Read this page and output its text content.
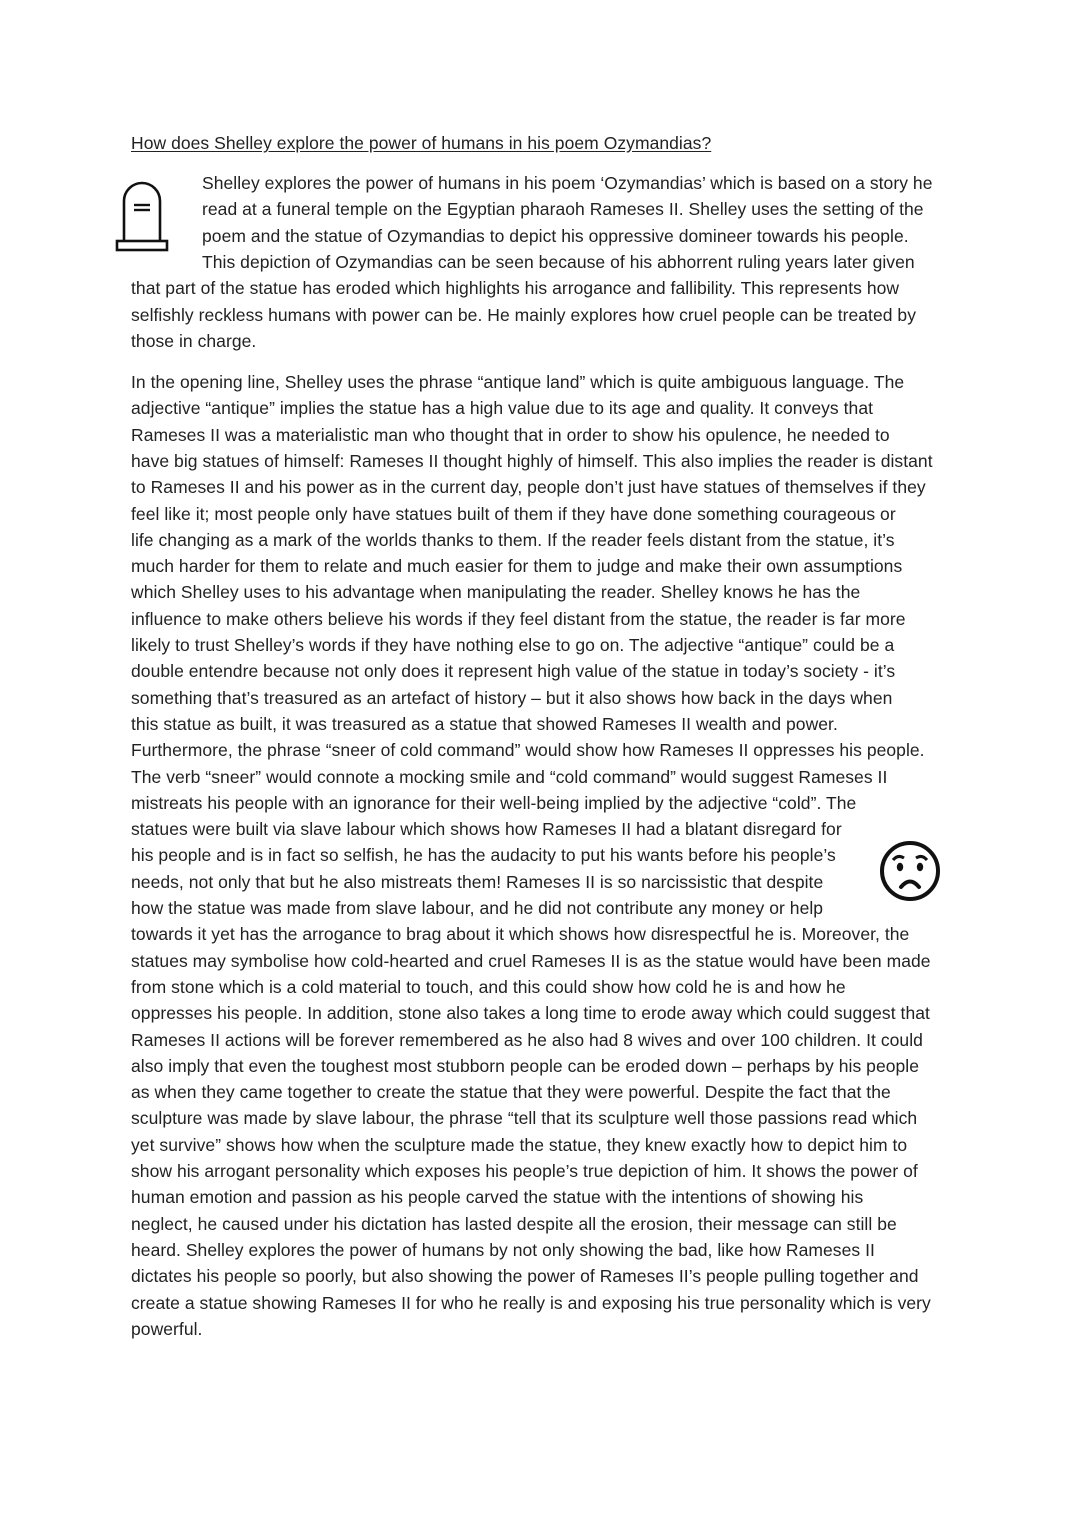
How does Shelley explore the power of humans in his poem Ozymandias?
Shelley explores the power of humans in his poem ‘Ozymandias’ which is based on a story he
read at a funeral temple on the Egyptian pharaoh Rameses II. Shelley uses the setting of the
poem and the statue of Ozymandias to depict his oppressive domineer towards his people.
This depiction of Ozymandias can be seen because of his abhorrent ruling years later given
that part of the statue has eroded which highlights his arrogance and fallibility. This represents how
selfishly reckless humans with power can be. He mainly explores how cruel people can be treated by
those in charge.
In the opening line, Shelley uses the phrase “antique land” which is quite ambiguous language. The
adjective “antique” implies the statue has a high value due to its age and quality. It conveys that
Rameses II was a materialistic man who thought that in order to show his opulence, he needed to
have big statues of himself: Rameses II thought highly of himself. This also implies the reader is distant
to Rameses II and his power as in the current day, people don’t just have statues of themselves if they
feel like it; most people only have statues built of them if they have done something courageous or
life changing as a mark of the worlds thanks to them. If the reader feels distant from the statue, it’s
much harder for them to relate and much easier for them to judge and make their own assumptions
which Shelley uses to his advantage when manipulating the reader. Shelley knows he has the
influence to make others believe his words if they feel distant from the statue, the reader is far more
likely to trust Shelley’s words if they have nothing else to go on. The adjective “antique” could be a
double entendre because not only does it represent high value of the statue in today’s society - it’s
something that’s treasured as an artefact of history – but it also shows how back in the days when
this statue as built, it was treasured as a statue that showed Rameses II wealth and power.
Furthermore, the phrase “sneer of cold command” would show how Rameses II oppresses his people.
The verb “sneer” would connote a mocking smile and “cold command” would suggest Rameses II
mistreats his people with an ignorance for their well-being implied by the adjective “cold”. The
statues were built via slave labour which shows how Rameses II had a blatant disregard for
his people and is in fact so selfish, he has the audacity to put his wants before his people’s
needs, not only that but he also mistreats them! Rameses II is so narcissistic that despite
how the statue was made from slave labour, and he did not contribute any money or help
towards it yet has the arrogance to brag about it which shows how disrespectful he is. Moreover, the
statues may symbolise how cold-hearted and cruel Rameses II is as the statue would have been made
from stone which is a cold material to touch, and this could show how cold he is and how he
oppresses his people. In addition, stone also takes a long time to erode away which could suggest that
Rameses II actions will be forever remembered as he also had 8 wives and over 100 children. It could
also imply that even the toughest most stubborn people can be eroded down – perhaps by his people
as when they came together to create the statue that they were powerful. Despite the fact that the
sculpture was made by slave labour, the phrase “tell that its sculpture well those passions read which
yet survive” shows how when the sculpture made the statue, they knew exactly how to depict him to
show his arrogant personality which exposes his people’s true depiction of him. It shows the power of
human emotion and passion as his people carved the statue with the intentions of showing his
neglect, he caused under his dictation has lasted despite all the erosion, their message can still be
heard. Shelley explores the power of humans by not only showing the bad, like how Rameses II
dictates his people so poorly, but also showing the power of Rameses II’s people pulling together and
create a statue showing Rameses II for who he really is and exposing his true personality which is very
powerful.
